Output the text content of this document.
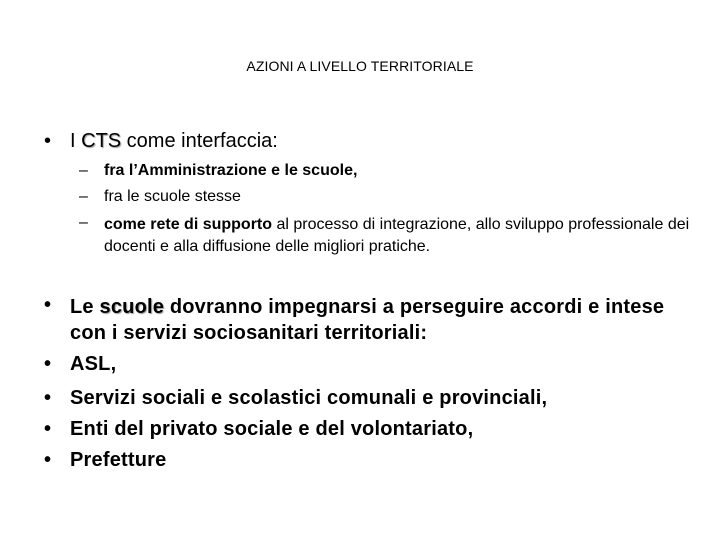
AZIONI A LIVELLO TERRITORIALE
• I CTS come interfaccia:
–	fra l’Amministrazione e le scuole,
–	fra le scuole stesse
–	come rete di supporto al processo di integrazione, allo sviluppo professionale dei docenti e alla diffusione delle migliori pratiche.
• Le scuole dovranno impegnarsi a perseguire accordi e intese con i servizi sociosanitari territoriali:
• ASL,
• Servizi sociali e scolastici comunali e provinciali,
• Enti del privato sociale e del volontariato,
• Prefetture
